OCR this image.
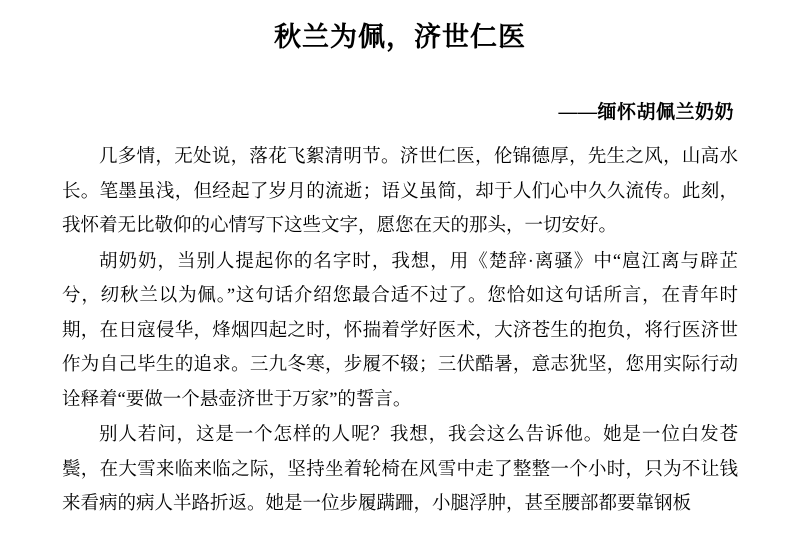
秋兰为佩，济世仁医
——缅怀胡佩兰奶奶

几多情，无处说，落花飞絮清明节。济世仁医，伦锦德厚，先生之风，山高水长。笔墨虽浅，但经起了岁月的流逝；语义虽简，却于人们心中久久流传。此刻，我怀着无比敬仰的心情写下这些文字，愿您在天的那头，一切安好。

胡奶奶，当别人提起你的名字时，我想，用《楚辞·离骚》中“扈江离与辟芷兮，纫秋兰以为佩。”这句话介绍您最合适不过了。您恰如这句话所言，在青年时期，在日寇侵华，烽烟四起之时，怀揣着学好医术，大济苍生的抱负，将行医济世作为自己毕生的追求。三九冬寒，步履不辍；三伏酷暑，意志犹坚，您用实际行动诠释着“要做一个悬壶济世于万家”的誓言。

别人若问，这是一个怎样的人呢？我想，我会这么告诉他。她是一位白发苍鬓，在大雪来临来临之际，坚持坐着轮椅在风雪中走了整整一个小时，只为不让钱来看病的病人半路折返。她是一位步履蹒跚，小腿浮肿，甚至腰部都要靠钢板
